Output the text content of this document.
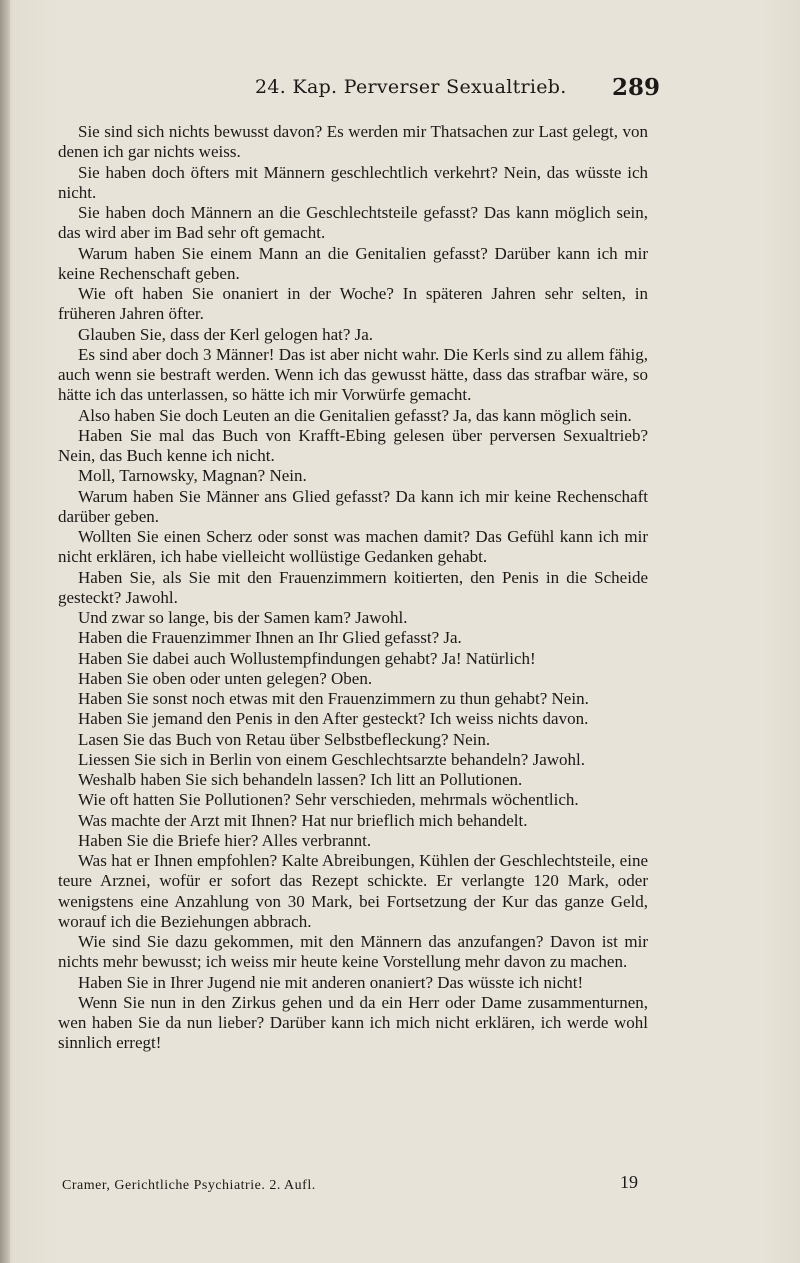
24. Kap. Perverser Sexualtrieb. 289

Sie sind sich nichts bewusst davon? Es werden mir Thatsachen zur Last gelegt, von denen ich gar nichts weiss.

Sie haben doch öfters mit Männern geschlechtlich verkehrt? Nein, das wüsste ich nicht.

Sie haben doch Männern an die Geschlechtsteile gefasst? Das kann möglich sein, das wird aber im Bad sehr oft gemacht.

Warum haben Sie einem Mann an die Genitalien gefasst? Darüber kann ich mir keine Rechenschaft geben.

Wie oft haben Sie onaniert in der Woche? In späteren Jahren sehr selten, in früheren Jahren öfter.

Glauben Sie, dass der Kerl gelogen hat? Ja.

Es sind aber doch 3 Männer! Das ist aber nicht wahr. Die Kerls sind zu allem fähig, auch wenn sie bestraft werden. Wenn ich das gewusst hätte, dass das strafbar wäre, so hätte ich das unterlassen, so hätte ich mir Vorwürfe gemacht.

Also haben Sie doch Leuten an die Genitalien gefasst? Ja, das kann möglich sein.

Haben Sie mal das Buch von Krafft-Ebing gelesen über perversen Sexualtrieb? Nein, das Buch kenne ich nicht.

Moll, Tarnowsky, Magnan? Nein.

Warum haben Sie Männer ans Glied gefasst? Da kann ich mir keine Rechenschaft darüber geben.

Wollten Sie einen Scherz oder sonst was machen damit? Das Gefühl kann ich mir nicht erklären, ich habe vielleicht wollüstige Gedanken gehabt.

Haben Sie, als Sie mit den Frauenzimmern koitierten, den Penis in die Scheide gesteckt? Jawohl.

Und zwar so lange, bis der Samen kam? Jawohl.

Haben die Frauenzimmer Ihnen an Ihr Glied gefasst? Ja.

Haben Sie dabei auch Wollustempfindungen gehabt? Ja! Natürlich!

Haben Sie oben oder unten gelegen? Oben.

Haben Sie sonst noch etwas mit den Frauenzimmern zu thun gehabt? Nein.

Haben Sie jemand den Penis in den After gesteckt? Ich weiss nichts davon.

Lasen Sie das Buch von Retau über Selbstbefleckung? Nein.

Liessen Sie sich in Berlin von einem Geschlechtsarzte behandeln? Jawohl.

Weshalb haben Sie sich behandeln lassen? Ich litt an Pollutionen.

Wie oft hatten Sie Pollutionen? Sehr verschieden, mehrmals wöchentlich.

Was machte der Arzt mit Ihnen? Hat nur brieflich mich behandelt.

Haben Sie die Briefe hier? Alles verbrannt.

Was hat er Ihnen empfohlen? Kalte Abreibungen, Kühlen der Geschlechtsteile, eine teure Arznei, wofür er sofort das Rezept schickte. Er verlangte 120 Mark, oder wenigstens eine Anzahlung von 30 Mark, bei Fortsetzung der Kur das ganze Geld, worauf ich die Beziehungen abbrach.

Wie sind Sie dazu gekommen, mit den Männern das anzufangen? Davon ist mir nichts mehr bewusst; ich weiss mir heute keine Vorstellung mehr davon zu machen.

Haben Sie in Ihrer Jugend nie mit anderen onaniert? Das wüsste ich nicht!

Wenn Sie nun in den Zirkus gehen und da ein Herr oder Dame zusammenturnen, wen haben Sie da nun lieber? Darüber kann ich mich nicht erklären, ich werde wohl sinnlich erregt!

Cramer, Gerichtliche Psychiatrie. 2. Aufl.	19
